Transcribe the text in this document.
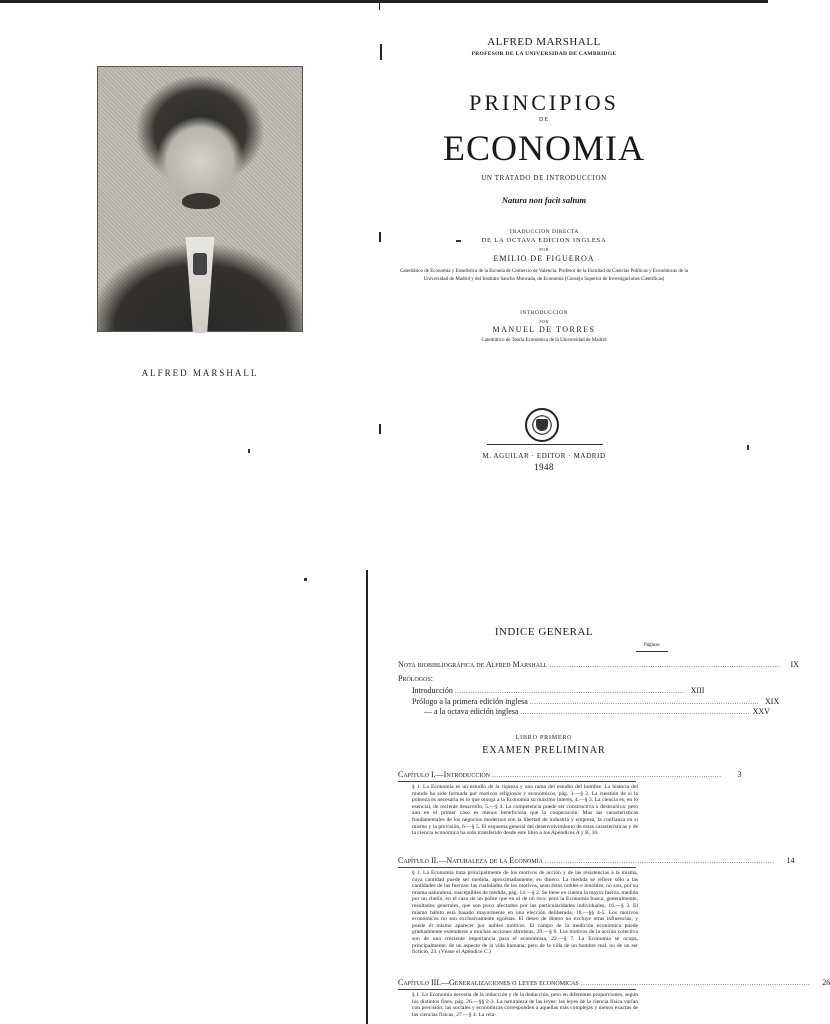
ALFRED MARSHALL
ALFRED MARSHALL
PROFESOR DE LA UNIVERSIDAD DE CAMBRIDGE
PRINCIPIOS
DE
ECONOMIA
UN TRATADO DE INTRODUCCION
Natura non facit saltum
TRADUCCION DIRECTA
DE LA OCTAVA EDICION INGLESA
POR
EMILIO DE FIGUEROA
Catedrático de Economía y Estadística de la Escuela de Comercio de Valencia. Profesor de la Facultad de Ciencias Políticas y Económicas de la Universidad de Madrid y del Instituto Sancho Moncada, de Economía (Consejo Superior de Investigaciones Científicas)
INTRODUCCION
POR
MANUEL DE TORRES
Catedrático de Teoría Económica de la Universidad de Madrid
M. AGUILAR · EDITOR · MADRID
1948
INDICE GENERAL
Páginas
Nota biobibliográfica de Alfred Marshall ......................................................................................................	IX
Prólogos:
Introducción ...................................................................................................... XIII
Prólogo a la primera edición inglesa ...................................................................................................... XIX
— a la octava edición inglesa ...................................................................................................... XXV
LIBRO PRIMERO
EXAMEN PRELIMINAR
Capítulo I.—Introducción ......................................................................................................	3
§ 1. La Economía es un estudio de la riqueza y una rama del estudio del hombre. La historia del mundo ha sido formada por motivos religiosos y económicos, pág. 3.—§ 2. La cuestión de si la pobreza es necesaria es lo que otorga a la Economía su máximo interés, 4.—§ 3. La ciencia es, en lo esencial, de reciente desarrollo, 5.—§ 4. La competencia puede ser constructiva o destructiva: pero aun en el primer caso es menos beneficiosa que la cooperación. Mas las características fundamentales de los negocios modernos son la libertad de industria y empresa, la confianza en sí mismo y la previsión, 6.—§ 5. El esquema general del desenvolvimiento de estas características y de la ciencia económica ha sido transferido desde este libro a los Apéndices A y B, 10.
Capítulo II.—Naturaleza de la Economía ......................................................................................................	14
§ 1. La Economía trata principalmente de los motivos de acción y de las resistencias a la misma, cuya cantidad puede ser medida, aproximadamente, en dinero. La medida se refiere sólo a las cantidades de las fuerzas: las cualidades de los motivos, sean éstos nobles e innobles, no son, por su misma naturaleza, susceptibles de medida, pág. 14.—§ 2. Se tiene en cuenta la mayor fuerza, medida por un chelín, en el caso de un pobre que en el de un rico: pero la Economía busca, generalmente, resultados generales, que son poco afectados por las particularidades individuales, 16.—§ 3. El mismo hábito está basado mayormente en una elección deliberada, 18.—§§ 4-5. Los motivos económicos no son exclusivamente egoístas. El deseo de dinero no excluye otras influencias, y puede él mismo aparecer por nobles motivos. El campo de la medición económica puede gradualmente extenderse a muchas acciones altruistas, 20.—§ 6. Los motivos de la acción colectiva son de una creciente importancia para el economista, 22.—§ 7. La Economía se ocupa, principalmente, de un aspecto de la vida humana; pero de la vida de un hombre real, no de un ser ficticio, 23. (Véase el Apéndice C.)
Capítulo III.—Generalizaciones o leyes económicas ......................................................................................................	26
§ 1. La Economía necesita de la inducción y de la deducción, pero en diferentes proporciones, según los distintos fines, pág. 26.—§§ 2-3. La naturaleza de las leyes: las leyes de la ciencia física varían con precisión; las sociales y económicas corresponden a aquellas más complejas y menos exactas de las ciencias físicas, 27.—§ 4. La rela-
